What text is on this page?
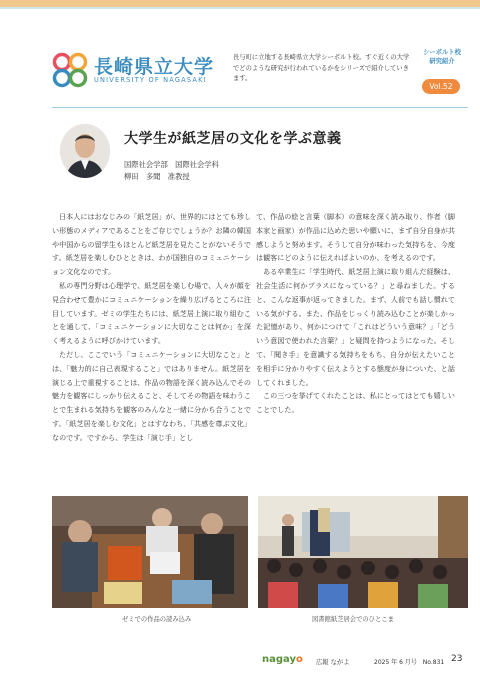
長崎県立大学
UNIVERSITY OF NAGASAKI
長与町に立地する長崎県立大学シーボルト校。すぐ近くの大学でどのような研究が行われているかをシリーズで紹介していきます。
シーボルト校
研究紹介
Vol.52
大学生が紙芝居の文化を学ぶ意義
国際社会学部　国際社会学科
柳田　多聞　准教授

日本人にはおなじみの「紙芝居」が、世界的にはとても珍しい形態のメディアであることをご存じでしょうか？お隣の韓国や中国からの留学生もほとんど紙芝居を見たことがないそうです。紙芝居を楽しむひとときは、わが国独自のコミュニケーション文化なのです。

私の専門分野は心理学で、紙芝居を楽しむ場で、人々が顔を見合わせて豊かにコミュニケーションを繰り広げるところに注目しています。ゼミの学生たちには、紙芝居上演に取り組むことを通して、「コミュニケーションに大切なことは何か」を深く考えるように呼びかけています。

ただし、ここでいう「コミュニケーションに大切なこと」とは、「魅力的に自己表現すること」ではありません。紙芝居を演じる上で重視することは、作品の物語を深く読み込んでその魅力を観客にしっかり伝えること、そしてその物語を味わうことで生まれる気持ちを観客のみんなと一緒に分かち合うことです。「紙芝居を楽しむ文化」とはすなわち、「共感を尊ぶ文化」なのです。ですから、学生は「演じ手」とし

て、作品の絵と言葉（脚本）の意味を深く読み取り、作者（脚本家と画家）が作品に込めた思いや願いに、まず自分自身が共感しようと努めます。そうして自分が味わった気持ちを、今度は観客にどのように伝えればよいのか、を考えるのです。

ある卒業生に「学生時代、紙芝居上演に取り組んだ経験は、社会生活に何かプラスになっている？」と尋ねました。すると、こんな返事が返ってきました。まず、人前でも話し慣れている気がする。また、作品をじっくり読み込むことが楽しかった記憶があり、何かにつけて「これはどういう意味？」「どういう意図で使われた言葉？」と疑問を持つようになった。そして、「聞き手」を意識する気持ちをもち、自分が伝えたいことを相手に分かりやすく伝えようとする態度が身についた、と話してくれました。

この三つを挙げてくれたことは、私にとってはとても嬉しいことでした。

ゼミでの作品の読み込み	図書館紙芝居会でのひとこま
nagayo 広報 ながよ	2025 年 6 月号　No.831 23
